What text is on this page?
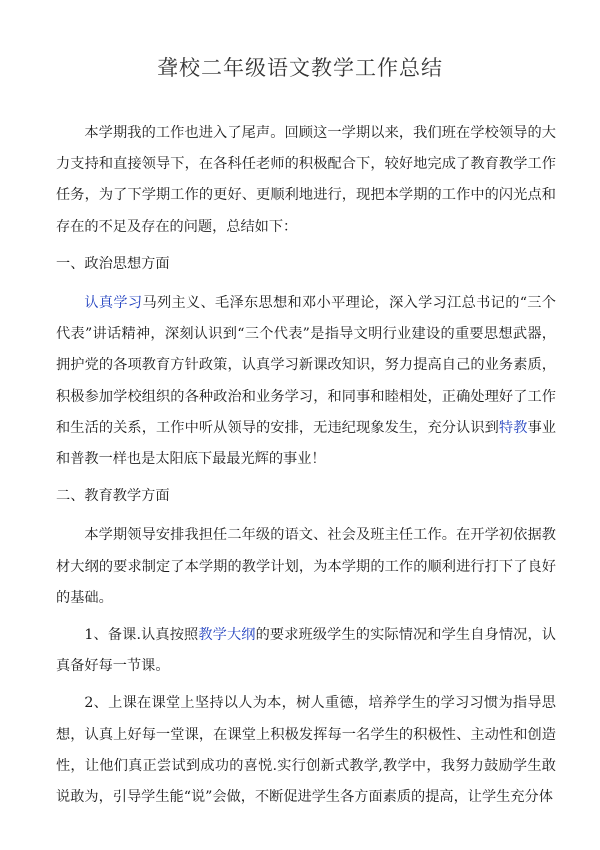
聋校二年级语文教学工作总结

本学期我的工作也进入了尾声。回顾这一学期以来，我们班在学校领导的大力支持和直接领导下，在各科任老师的积极配合下，较好地完成了教育教学工作任务，为了下学期工作的更好、更顺利地进行，现把本学期的工作中的闪光点和存在的不足及存在的问题，总结如下：

一、政治思想方面

认真学习马列主义、毛泽东思想和邓小平理论，深入学习江总书记的“三个代表”讲话精神，深刻认识到“三个代表”是指导文明行业建设的重要思想武器，拥护党的各项教育方针政策，认真学习新课改知识，努力提高自己的业务素质，积极参加学校组织的各种政治和业务学习，和同事和睦相处，正确处理好了工作和生活的关系，工作中听从领导的安排，无违纪现象发生，充分认识到特教事业和普教一样也是太阳底下最最光辉的事业！

二、教育教学方面

本学期领导安排我担任二年级的语文、社会及班主任工作。在开学初依据教材大纲的要求制定了本学期的教学计划，为本学期的工作的顺利进行打下了良好的基础。

1、备课.认真按照教学大纲的要求班级学生的实际情况和学生自身情况，认真备好每一节课。

2、上课在课堂上坚持以人为本，树人重德，培养学生的学习习惯为指导思想，认真上好每一堂课，在课堂上积极发挥每一名学生的积极性、主动性和创造性，让他们真正尝试到成功的喜悦.实行创新式教学,教学中，我努力鼓励学生敢说敢为，引导学生能“说”会做，不断促进学生各方面素质的提高，让学生充分体
